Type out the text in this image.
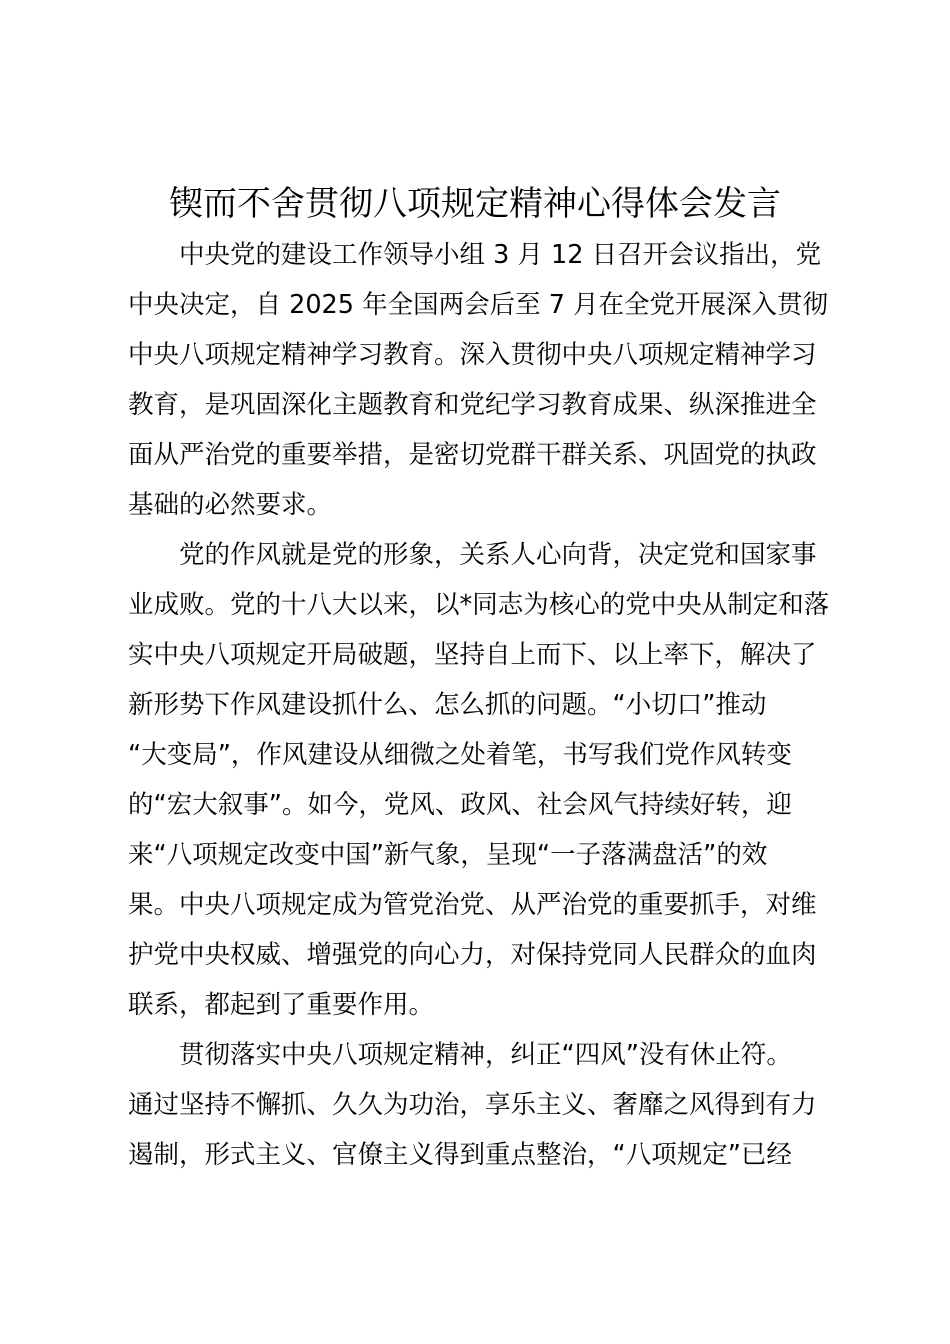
锲而不舍贯彻八项规定精神心得体会发言
中央党的建设工作领导小组 3 月 12 日召开会议指出，党
中央决定，自 2025 年全国两会后至 7 月在全党开展深入贯彻
中央八项规定精神学习教育。深入贯彻中央八项规定精神学习
教育，是巩固深化主题教育和党纪学习教育成果、纵深推进全
面从严治党的重要举措，是密切党群干群关系、巩固党的执政
基础的必然要求。
党的作风就是党的形象，关系人心向背，决定党和国家事
业成败。党的十八大以来，以*同志为核心的党中央从制定和落
实中央八项规定开局破题，坚持自上而下、以上率下，解决了
新形势下作风建设抓什么、怎么抓的问题。“小切口”推动
“大变局”，作风建设从细微之处着笔，书写我们党作风转变
的“宏大叙事”。如今，党风、政风、社会风气持续好转，迎
来“八项规定改变中国”新气象，呈现“一子落满盘活”的效
果。中央八项规定成为管党治党、从严治党的重要抓手，对维
护党中央权威、增强党的向心力，对保持党同人民群众的血肉
联系，都起到了重要作用。
贯彻落实中央八项规定精神，纠正“四风”没有休止符。
通过坚持不懈抓、久久为功治，享乐主义、奢靡之风得到有力
遏制，形式主义、官僚主义得到重点整治，“八项规定”已经
